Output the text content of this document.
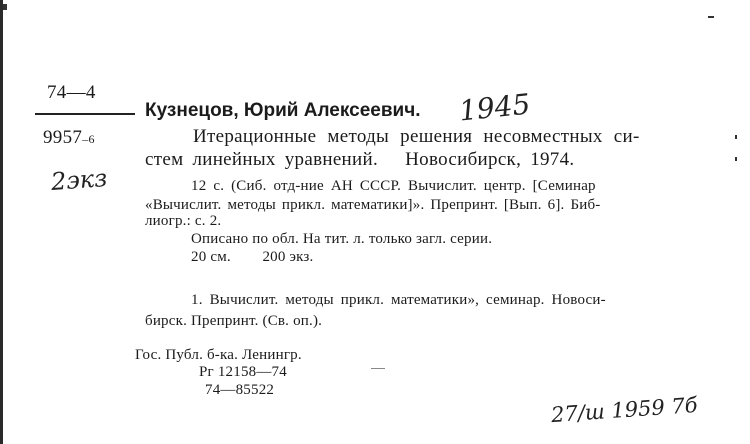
74—4
9957–6
2экз
Кузнецов, Юрий Алексеевич. 1945
Итерационные методы решения несовместных си-
стем линейных уравнений.   Новосибирск, 1974.
12 с. (Сиб. отд-ние АН СССР. Вычислит. центр. [Семинар
«Вычислит. методы прикл. математики]». Препринт. [Вып. 6]. Биб-
лиогр.: с. 2.
Описано по обл. На тит. л. только загл. серии.
20 см.        200 экз.
1. Вычислит. методы прикл. математики», семинар. Новоси-
бирск. Препринт. (Св. оп.).
Гос. Публ. б-ка. Ленингр.
Рг 12158—74
74—85522
27/ш 1959 7б
